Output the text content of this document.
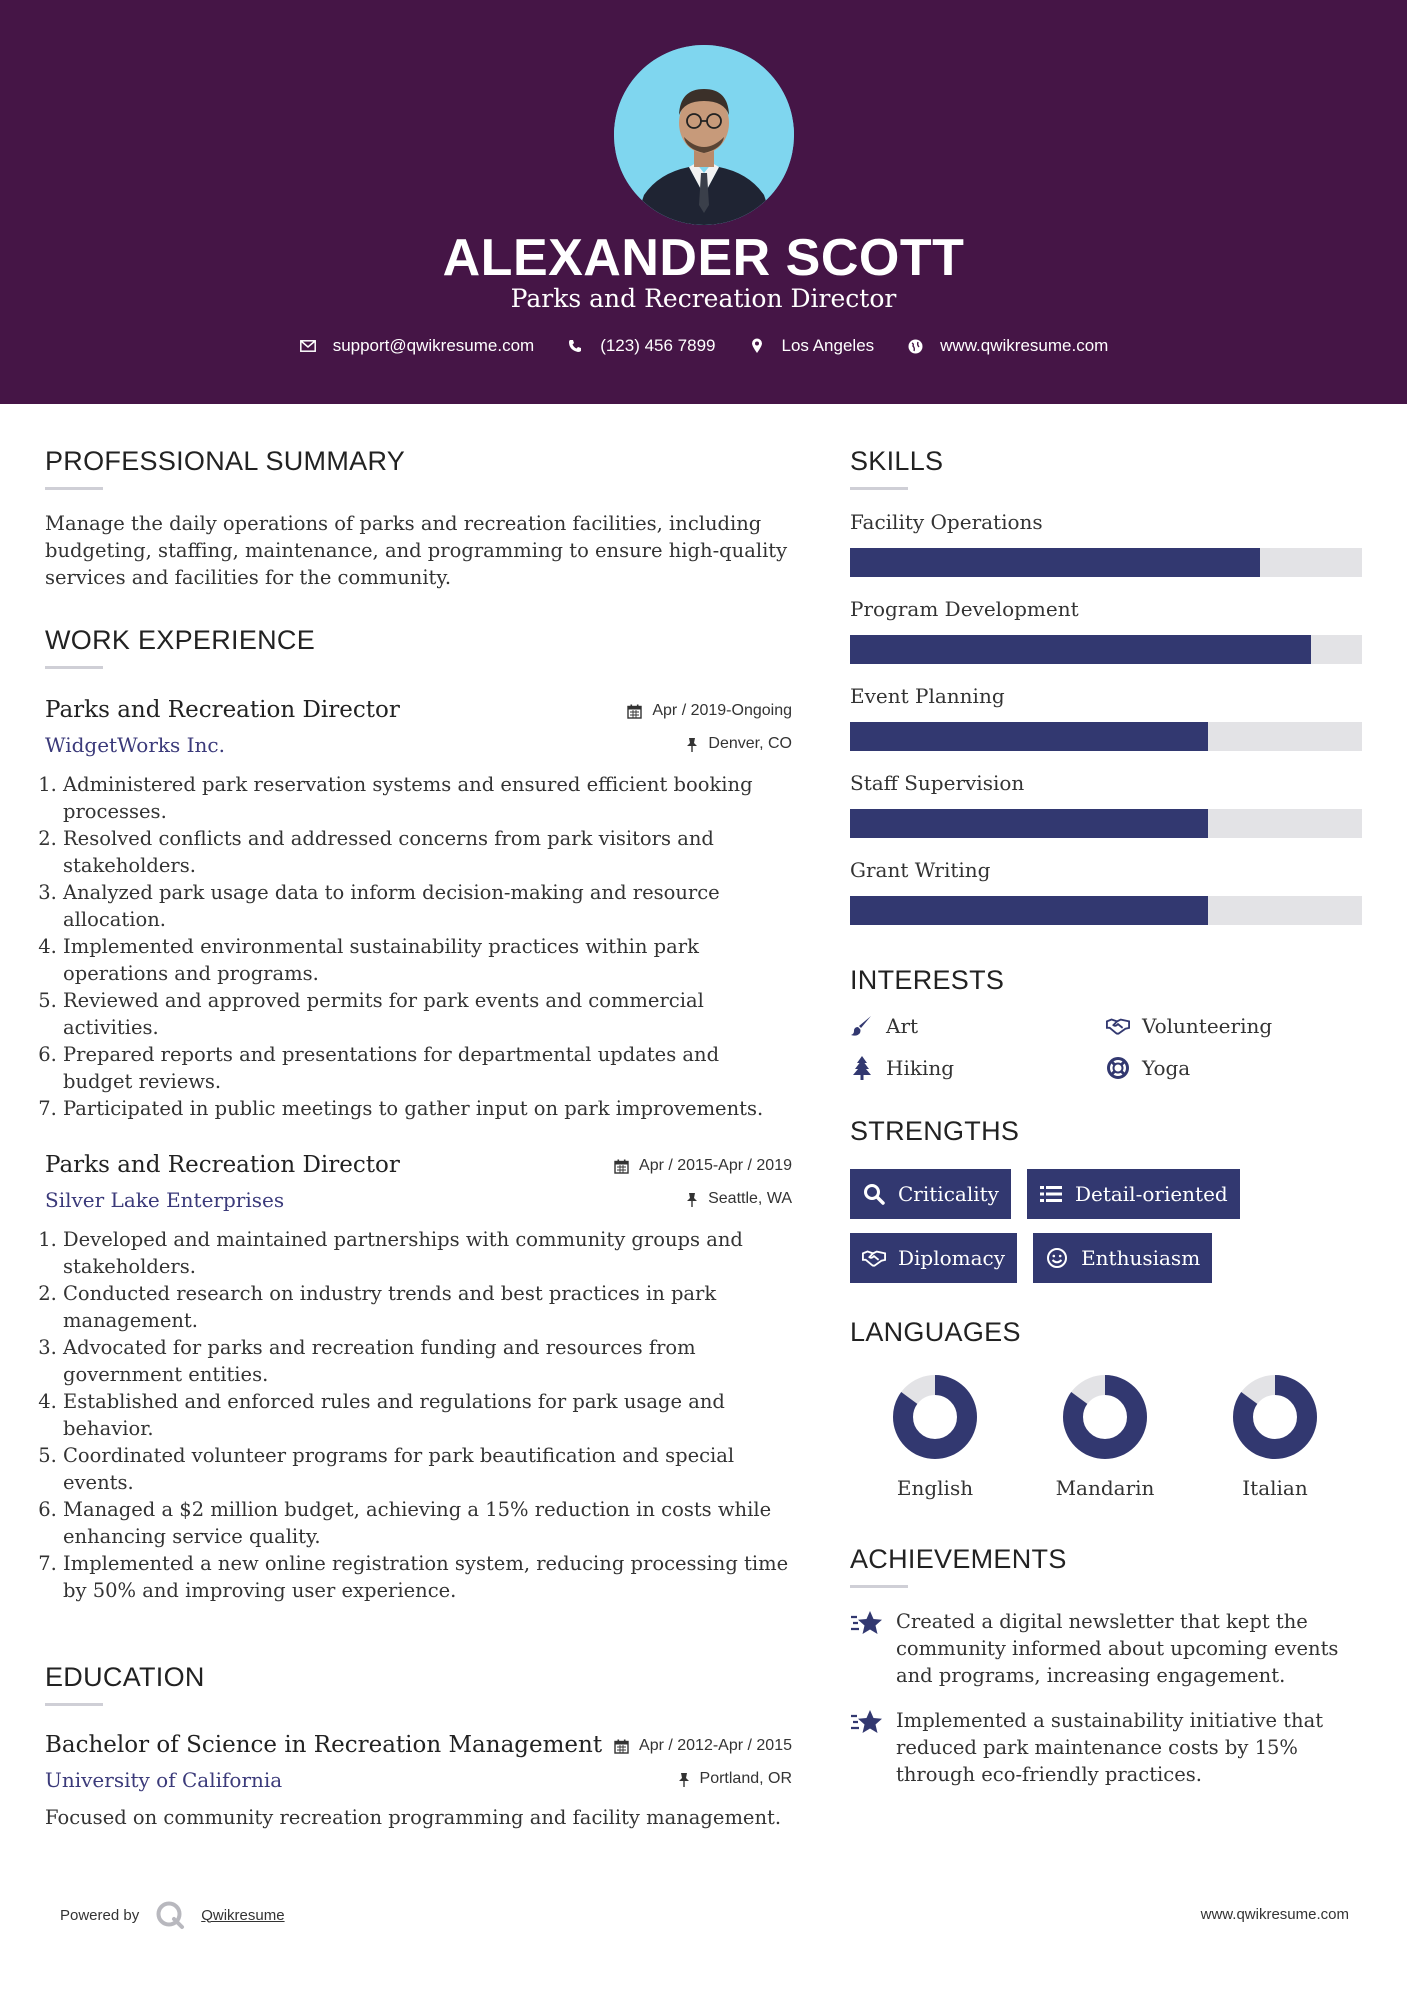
ALEXANDER SCOTT
Parks and Recreation Director
support@qwikresume.com	(123) 456 7899	Los Angeles	www.qwikresume.com
PROFESSIONAL SUMMARY

Manage the daily operations of parks and recreation facilities, including budgeting, staffing, maintenance, and programming to ensure high-quality services and facilities for the community.

WORK EXPERIENCE
Parks and Recreation Director
WidgetWorks Inc.
Apr / 2019-Ongoing
Denver, CO
1. Administered park reservation systems and ensured efficient booking processes.
2. Resolved conflicts and addressed concerns from park visitors and stakeholders.
3. Analyzed park usage data to inform decision-making and resource allocation.
4. Implemented environmental sustainability practices within park operations and programs.
5. Reviewed and approved permits for park events and commercial activities.
6. Prepared reports and presentations for departmental updates and budget reviews.
7. Participated in public meetings to gather input on park improvements.
Parks and Recreation Director
Silver Lake Enterprises
Apr / 2015-Apr / 2019
Seattle, WA
1. Developed and maintained partnerships with community groups and stakeholders.
2. Conducted research on industry trends and best practices in park management.
3. Advocated for parks and recreation funding and resources from government entities.
4. Established and enforced rules and regulations for park usage and behavior.
5. Coordinated volunteer programs for park beautification and special events.
6. Managed a $2 million budget, achieving a 15% reduction in costs while enhancing service quality.
7. Implemented a new online registration system, reducing processing time by 50% and improving user experience.
EDUCATION
Bachelor of Science in Recreation Management
University of California
Apr / 2012-Apr / 2015
Portland, OR

Focused on community recreation programming and facility management.

SKILLS
Facility Operations
Program Development
Event Planning
Staff Supervision
Grant Writing
INTERESTS
Art	Volunteering
Hiking	Yoga
STRENGTHS
Criticality	Detail-oriented
Diplomacy	Enthusiasm
LANGUAGES
English	Mandarin	Italian
ACHIEVEMENTS
Created a digital newsletter that kept the community informed about upcoming events and programs, increasing engagement.
Implemented a sustainability initiative that reduced park maintenance costs by 15% through eco-friendly practices.
Powered by	Qwikresume	www.qwikresume.com
